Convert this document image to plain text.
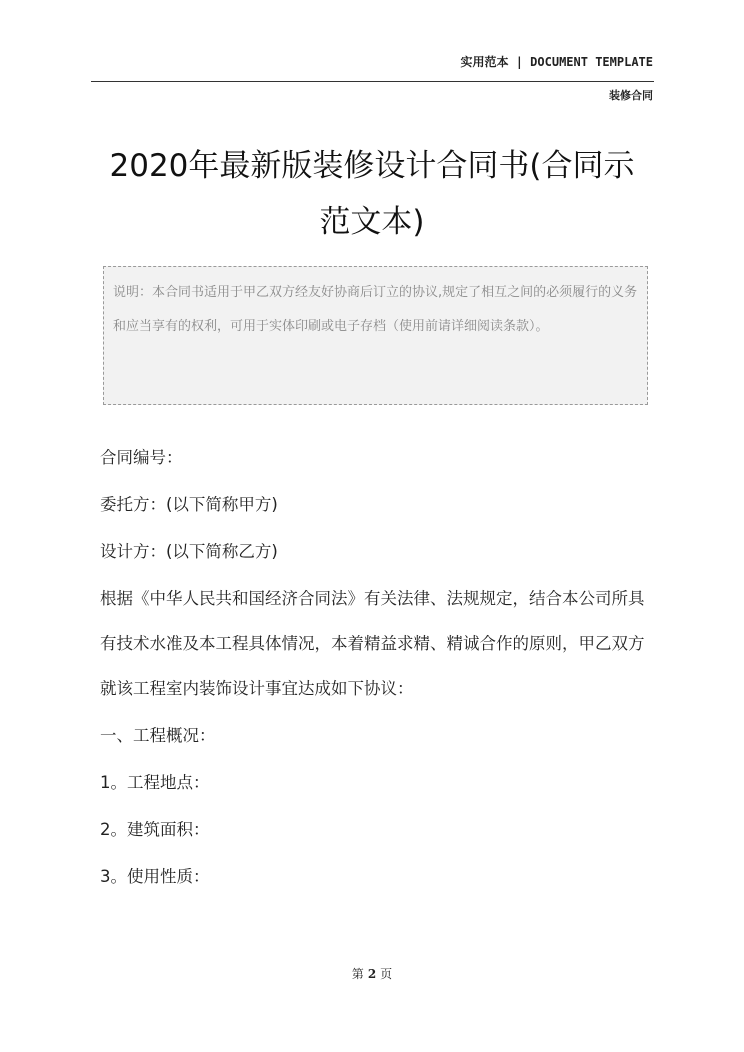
实用范本 | DOCUMENT TEMPLATE
装修合同
2020年最新版装修设计合同书(合同示范文本)
说明：本合同书适用于甲乙双方经友好协商后订立的协议,规定了相互之间的必须履行的义务和应当享有的权利，可用于实体印刷或电子存档（使用前请详细阅读条款）。
合同编号：
委托方：(以下简称甲方)
设计方：(以下简称乙方)
根据《中华人民共和国经济合同法》有关法律、法规规定，结合本公司所具有技术水准及本工程具体情况，本着精益求精、精诚合作的原则，甲乙双方就该工程室内装饰设计事宜达成如下协议：
一、工程概况：
1。工程地点：
2。建筑面积：
3。使用性质：
第 2 页
